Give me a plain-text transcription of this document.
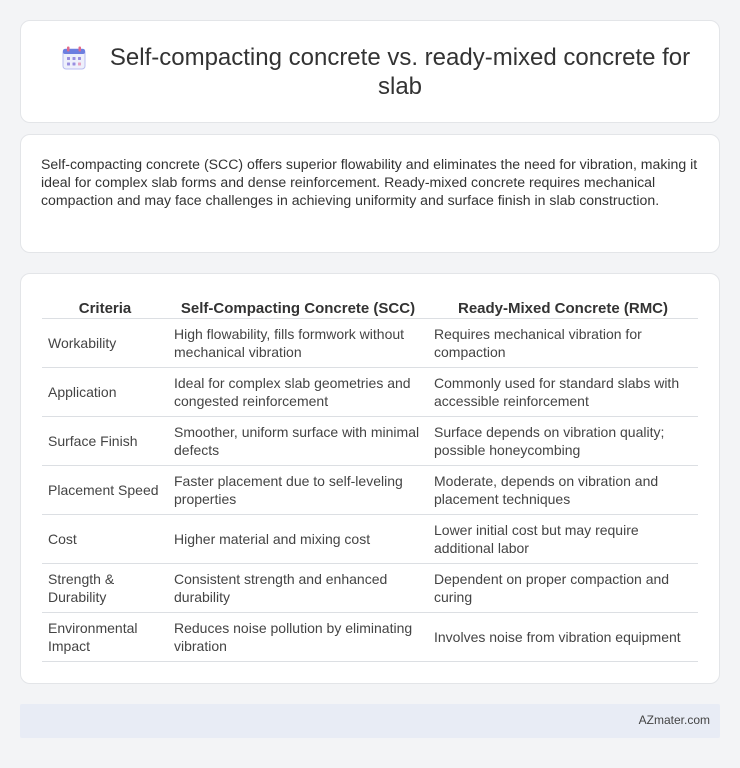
Self-compacting concrete vs. ready-mixed concrete for slab

Self-compacting concrete (SCC) offers superior flowability and eliminates the need for vibration, making it ideal for complex slab forms and dense reinforcement. Ready-mixed concrete requires mechanical compaction and may face challenges in achieving uniformity and surface finish in slab construction.

Criteria	Self-Compacting Concrete (SCC)	Ready-Mixed Concrete (RMC)
Workability	High flowability, fills formwork without mechanical vibration	Requires mechanical vibration for compaction
Application	Ideal for complex slab geometries and congested reinforcement	Commonly used for standard slabs with accessible reinforcement
Surface Finish	Smoother, uniform surface with minimal defects	Surface depends on vibration quality; possible honeycombing
Placement Speed	Faster placement due to self-leveling properties	Moderate, depends on vibration and placement techniques
Cost	Higher material and mixing cost	Lower initial cost but may require additional labor
Strength & Durability	Consistent strength and enhanced durability	Dependent on proper compaction and curing
Environmental Impact	Reduces noise pollution by eliminating vibration	Involves noise from vibration equipment
AZmater.com
